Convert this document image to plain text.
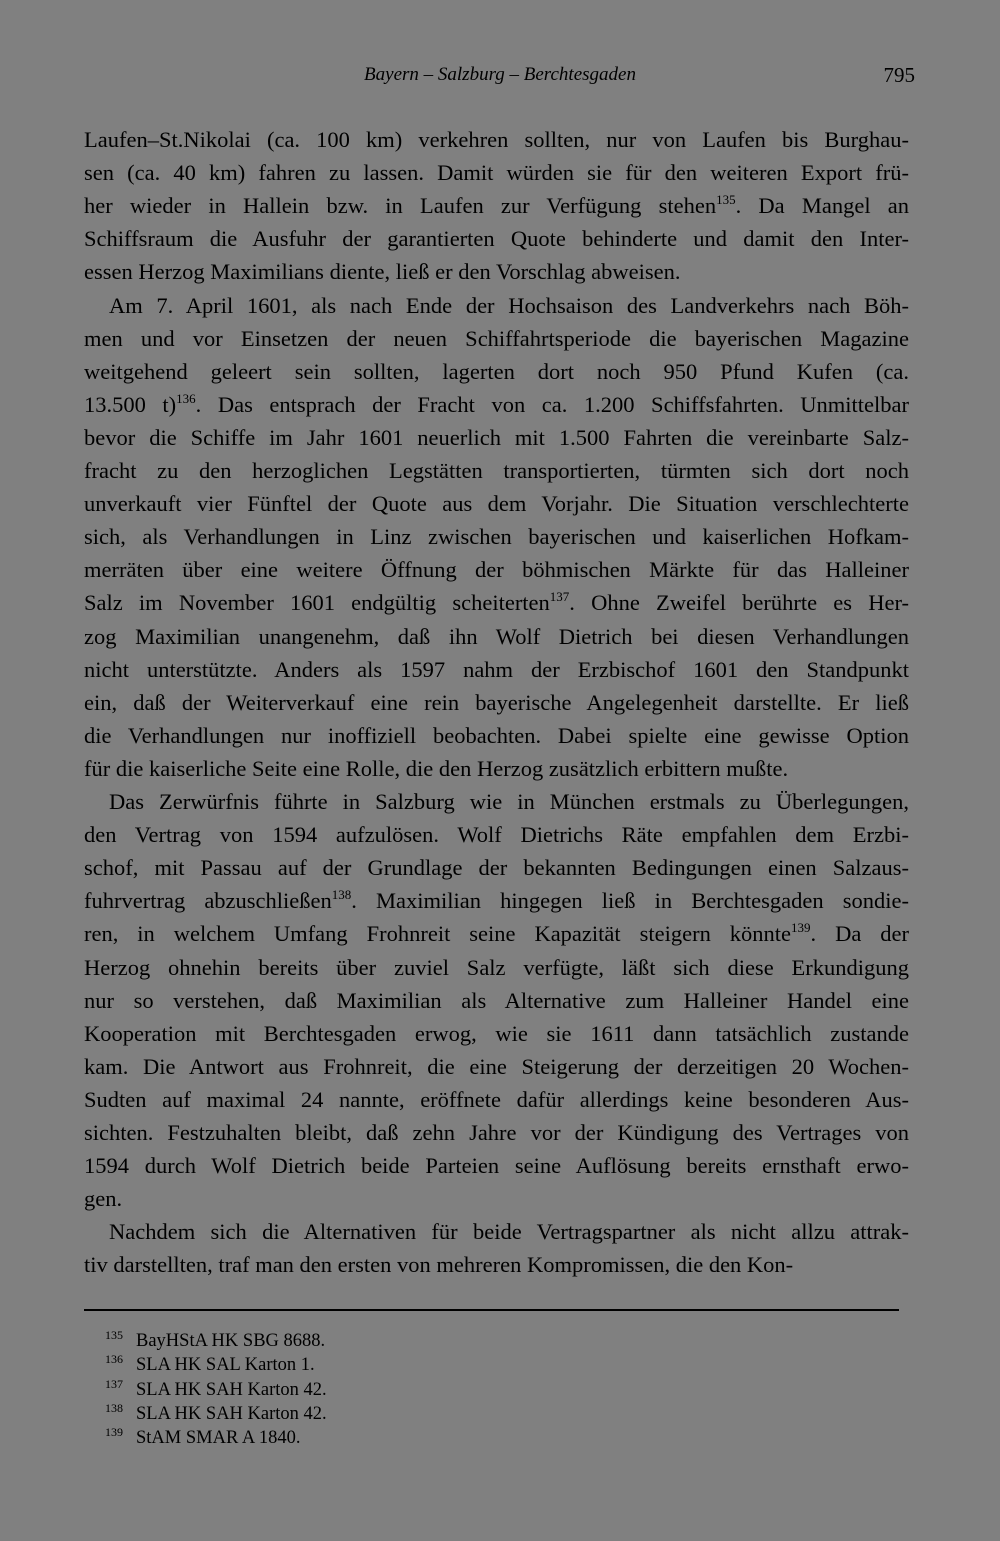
Bayern – Salzburg – Berchtesgaden	795
Laufen–St.Nikolai (ca. 100 km) verkehren sollten, nur von Laufen bis Burghau-
sen (ca. 40 km) fahren zu lassen. Damit würden sie für den weiteren Export frü-
her wieder in Hallein bzw. in Laufen zur Verfügung stehen$^{135}$. Da Mangel an
Schiffsraum die Ausfuhr der garantierten Quote behinderte und damit den Inter-
essen Herzog Maximilians diente, ließ er den Vorschlag abweisen.
Am 7. April 1601, als nach Ende der Hochsaison des Landverkehrs nach Böh-
men und vor Einsetzen der neuen Schiffahrtsperiode die bayerischen Magazine
weitgehend geleert sein sollten, lagerten dort noch 950 Pfund Kufen (ca.
13.500 t)$^{136}$. Das entsprach der Fracht von ca. 1.200 Schiffsfahrten. Unmittelbar
bevor die Schiffe im Jahr 1601 neuerlich mit 1.500 Fahrten die vereinbarte Salz-
fracht zu den herzoglichen Legstätten transportierten, türmten sich dort noch
unverkauft vier Fünftel der Quote aus dem Vorjahr. Die Situation verschlechterte
sich, als Verhandlungen in Linz zwischen bayerischen und kaiserlichen Hofkam-
merräten über eine weitere Öffnung der böhmischen Märkte für das Halleiner
Salz im November 1601 endgültig scheiterten$^{137}$. Ohne Zweifel berührte es Her-
zog Maximilian unangenehm, daß ihn Wolf Dietrich bei diesen Verhandlungen
nicht unterstützte. Anders als 1597 nahm der Erzbischof 1601 den Standpunkt
ein, daß der Weiterverkauf eine rein bayerische Angelegenheit darstellte. Er ließ
die Verhandlungen nur inoffiziell beobachten. Dabei spielte eine gewisse Option
für die kaiserliche Seite eine Rolle, die den Herzog zusätzlich erbittern mußte.
Das Zerwürfnis führte in Salzburg wie in München erstmals zu Überlegungen,
den Vertrag von 1594 aufzulösen. Wolf Dietrichs Räte empfahlen dem Erzbi-
schof, mit Passau auf der Grundlage der bekannten Bedingungen einen Salzaus-
fuhrvertrag abzuschließen$^{138}$. Maximilian hingegen ließ in Berchtesgaden sondie-
ren, in welchem Umfang Frohnreit seine Kapazität steigern könnte$^{139}$. Da der
Herzog ohnehin bereits über zuviel Salz verfügte, läßt sich diese Erkundigung
nur so verstehen, daß Maximilian als Alternative zum Halleiner Handel eine
Kooperation mit Berchtesgaden erwog, wie sie 1611 dann tatsächlich zustande
kam. Die Antwort aus Frohnreit, die eine Steigerung der derzeitigen 20 Wochen-
Sudten auf maximal 24 nannte, eröffnete dafür allerdings keine besonderen Aus-
sichten. Festzuhalten bleibt, daß zehn Jahre vor der Kündigung des Vertrages von
1594 durch Wolf Dietrich beide Parteien seine Auflösung bereits ernsthaft erwo-
gen.
Nachdem sich die Alternativen für beide Vertragspartner als nicht allzu attrak-
tiv darstellten, traf man den ersten von mehreren Kompromissen, die den Kon-
$^{135}$ BayHStA HK SBG 8688.
$^{136}$ SLA HK SAL Karton 1.
$^{137}$ SLA HK SAH Karton 42.
$^{138}$ SLA HK SAH Karton 42.
$^{139}$ StAM SMAR A 1840.
